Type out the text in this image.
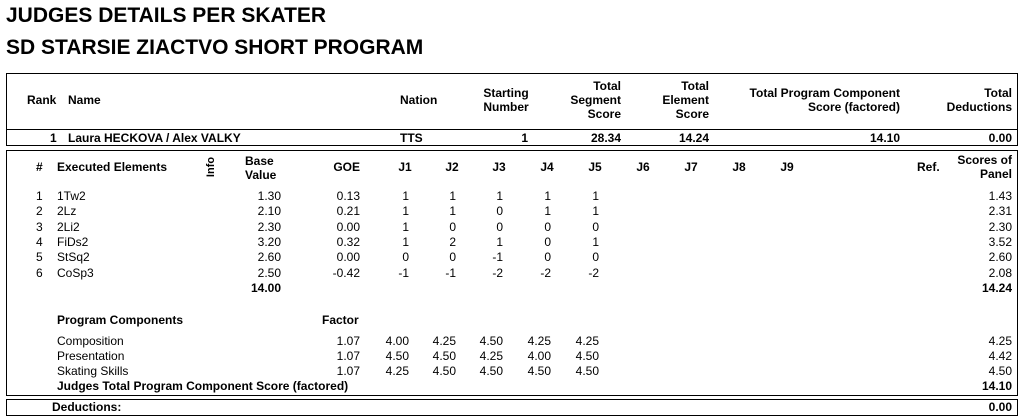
JUDGES DETAILS PER SKATER
SD STARSIE ZIACTVO SHORT PROGRAM
Rank Name	Nation	Starting
Number
Total
Segment
Score
Total
Element
Score
Total Program Component
Score (factored)
Total
Deductions
1 Laura HECKOVA / Alex VALKY	TTS	1	28.34	14.24	14.10	0.00
# Executed Elements	Info Base
Value
GOE	J1	J2	J3	J4	J5	J6	J7	J8	J9	Ref. Scores of
Panel
1 1Tw2	1.30	0.13	1	1	1	1	1	1.43
2 2Lz	2.10	0.21	1	1	0	1	1	2.31
3 2Li2	2.30	0.00	1	0	0	0	0	2.30
4 FiDs2	3.20	0.32	1	2	1	0	1	3.52
5 StSq2	2.60	0.00	0	0	-1	0	0	2.60
6 CoSp3	2.50	-0.42	-1	-1	-2	-2	-2	2.08
14.00	14.24
Program Components	Factor
Composition	1.07 4.00 4.25 4.50 4.25 4.25	4.25
Presentation	1.07 4.50 4.50 4.25 4.00 4.50	4.42
Skating Skills	1.07 4.25 4.50 4.50 4.50 4.50	4.50
Judges Total Program Component Score (factored)	14.10
Deductions:	0.00
